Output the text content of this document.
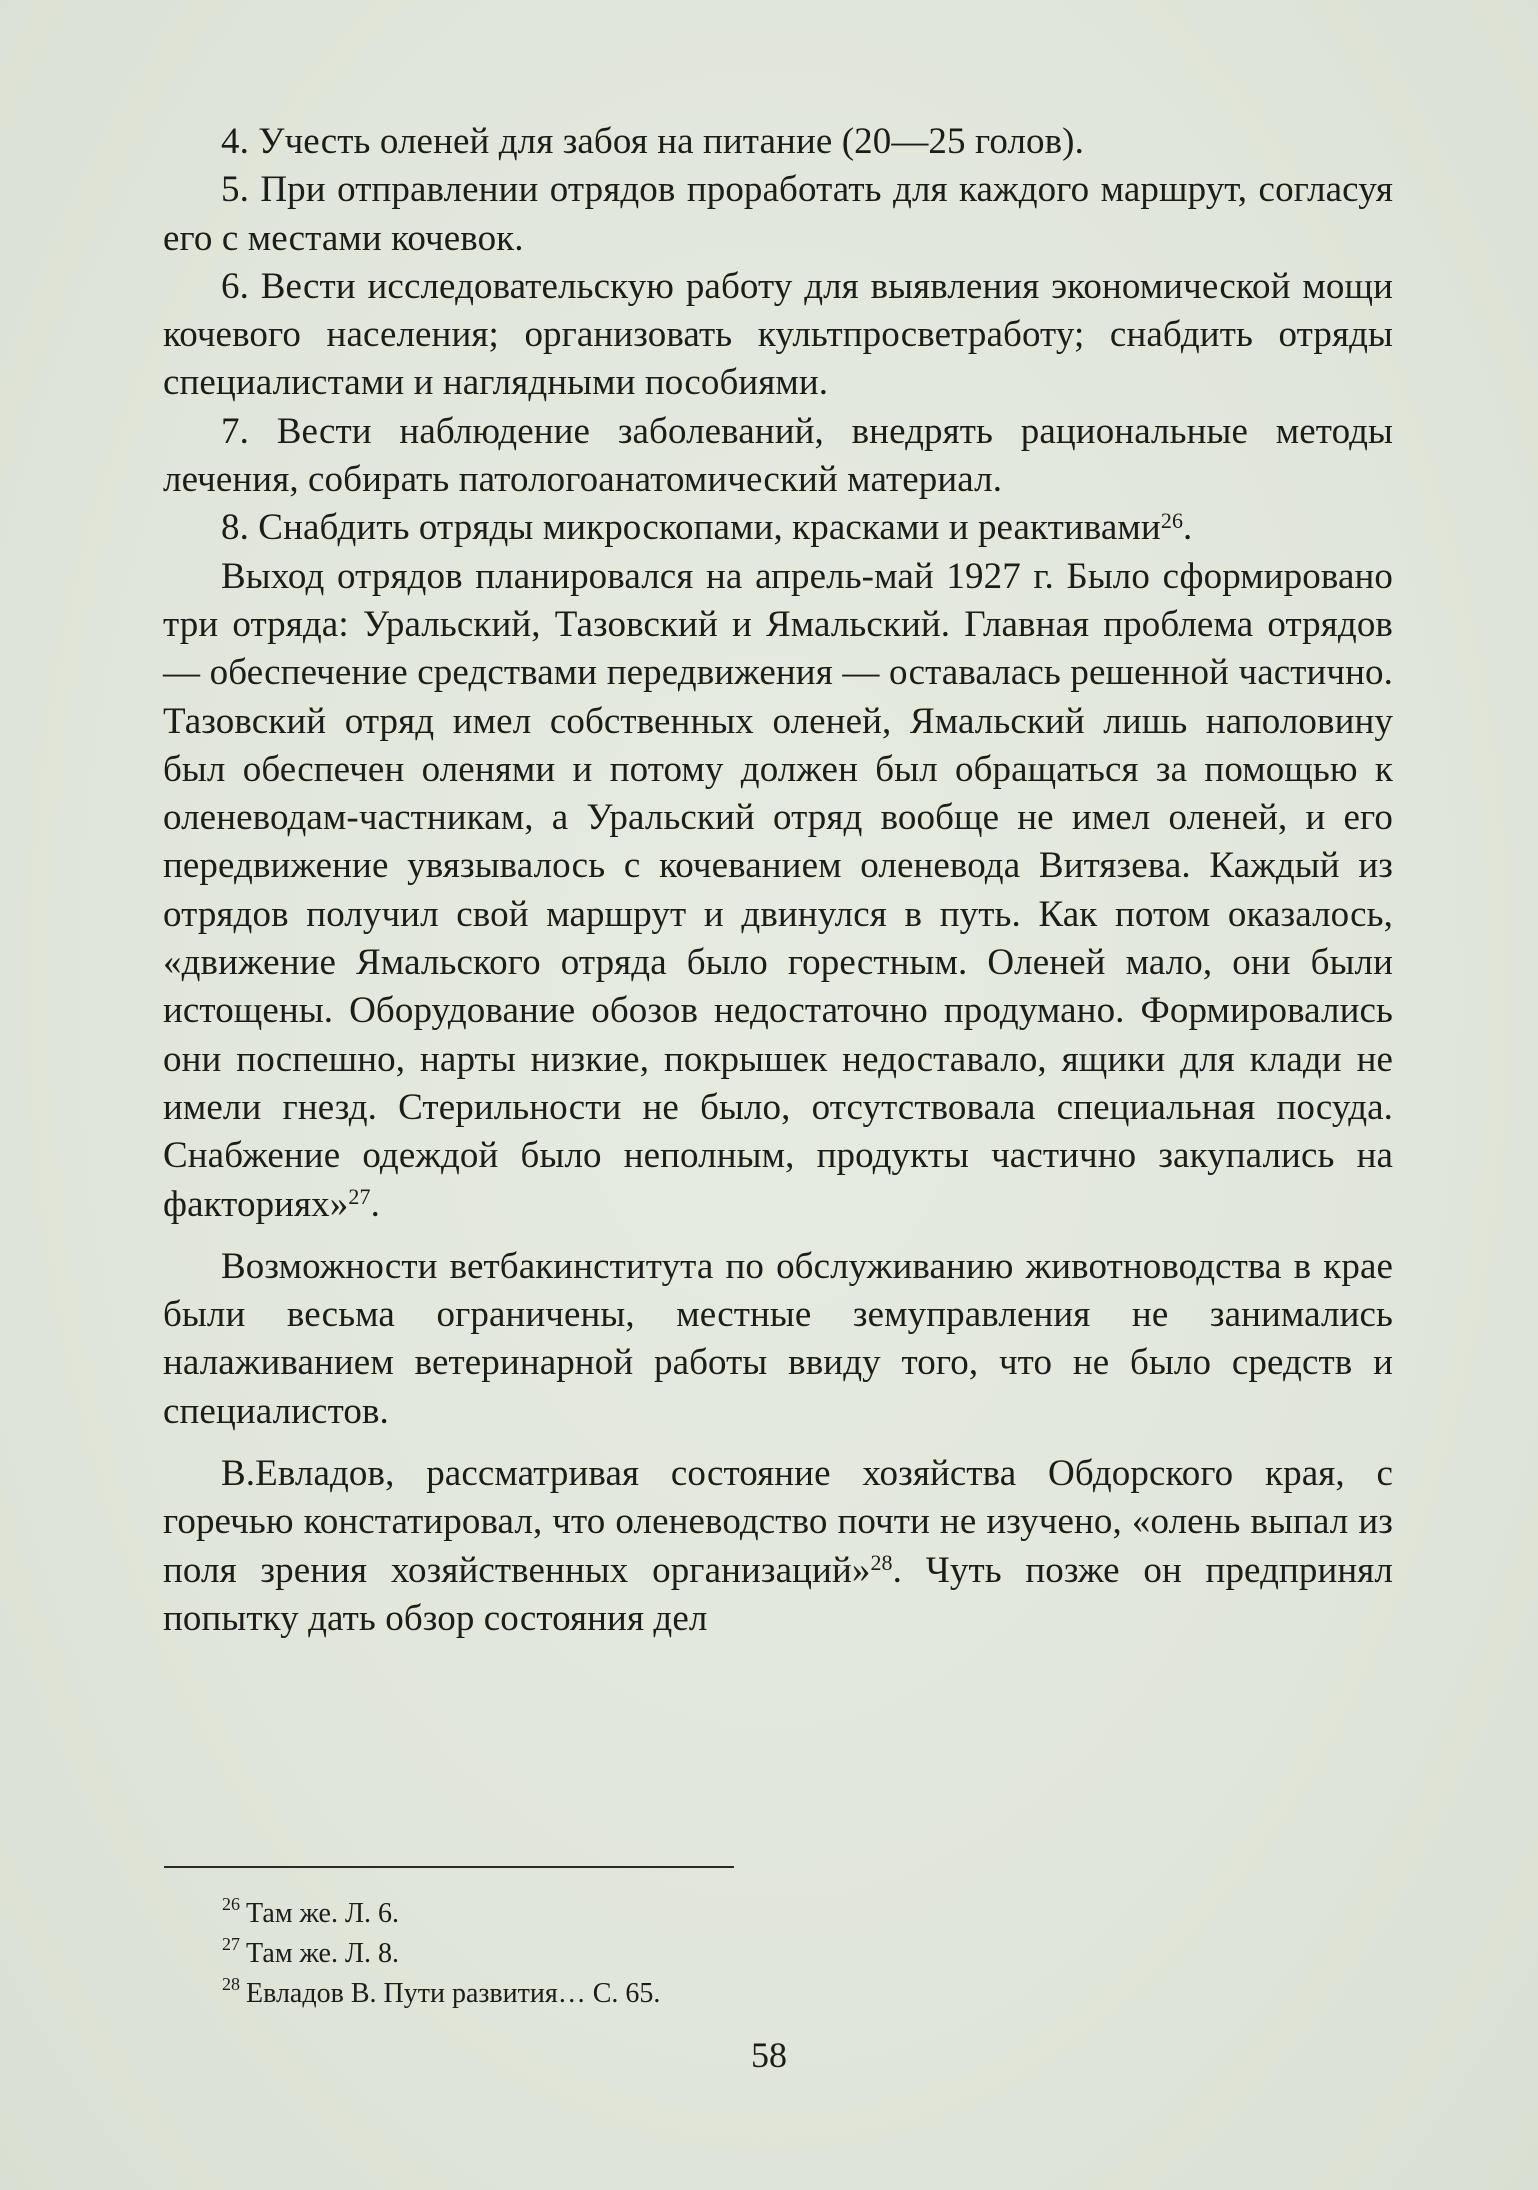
4. Учесть оленей для забоя на питание (20—25 голов).

5. При отправлении отрядов проработать для каждого маршрут, согласуя его с местами кочевок.

6. Вести исследовательскую работу для выявления экономической мощи кочевого населения; организовать культпросветработу; снабдить отряды специалистами и наглядными пособиями.

7. Вести наблюдение заболеваний, внедрять рациональные методы лечения, собирать патологоанатомический материал.

8. Снабдить отряды микроскопами, красками и реактивами$^{26}$.

Выход отрядов планировался на апрель-май 1927 г. Было сформировано три отряда: Уральский, Тазовский и Ямальский. Главная проблема отрядов — обеспечение средствами передвижения — оставалась решенной частично. Тазовский отряд имел собственных оленей, Ямальский лишь наполовину был обеспечен оленями и потому должен был обращаться за помощью к оленеводам-частникам, а Уральский отряд вообще не имел оленей, и его передвижение увязывалось с кочеванием оленевода Витязева. Каждый из отрядов получил свой маршрут и двинулся в путь. Как потом оказалось, «движение Ямальского отряда было горестным. Оленей мало, они были истощены. Оборудование обозов недостаточно продумано. Формировались они поспешно, нарты низкие, покрышек недоставало, ящики для клади не имели гнезд. Стерильности не было, отсутствовала специальная посуда. Снабжение одеждой было неполным, продукты частично закупались на факториях»$^{27}$.

Возможности ветбакинститута по обслуживанию животноводства в крае были весьма ограничены, местные земуправления не занимались налаживанием ветеринарной работы ввиду того, что не было средств и специалистов.

В.Евладов, рассматривая состояние хозяйства Обдорского края, с горечью констатировал, что оленеводство почти не изучено, «олень выпал из поля зрения хозяйственных организаций»$^{28}$. Чуть позже он предпринял попытку дать обзор состояния дел

$^{26}$ Там же. Л. 6.
$^{27}$ Там же. Л. 8.
$^{28}$ Евладов В. Пути развития… С. 65.
58
